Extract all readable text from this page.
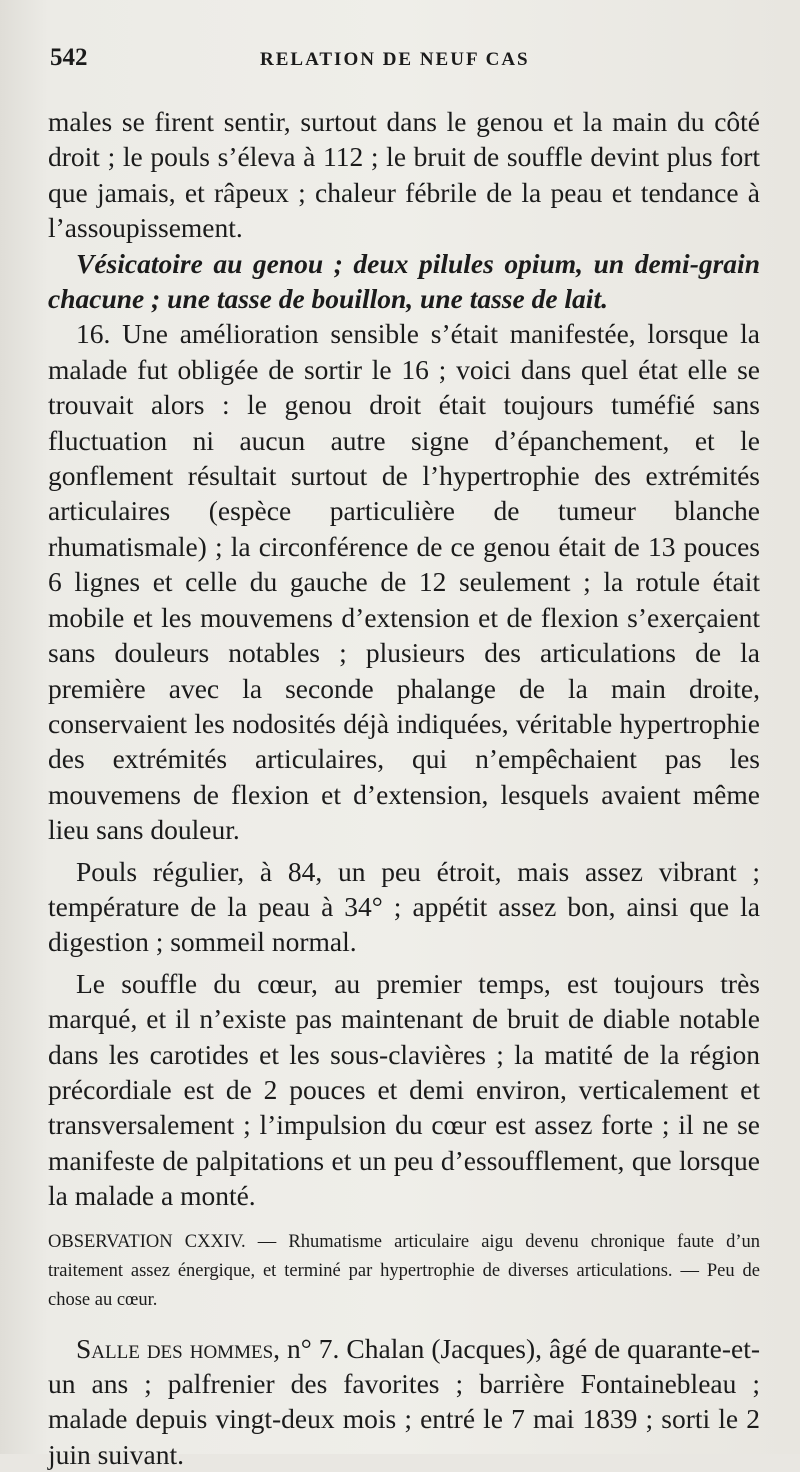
542	RELATION DE NEUF CAS

males se firent sentir, surtout dans le genou et la main du côté droit ; le pouls s’éleva à 112 ; le bruit de souffle devint plus fort que jamais, et râpeux ; chaleur fébrile de la peau et tendance à l’assoupissement.

Vésicatoire au genou ; deux pilules opium, un demi-grain chacune ; une tasse de bouillon, une tasse de lait.

16. Une amélioration sensible s’était manifestée, lorsque la malade fut obligée de sortir le 16 ; voici dans quel état elle se trouvait alors : le genou droit était toujours tuméfié sans fluctuation ni aucun autre signe d’épanchement, et le gonflement résultait surtout de l’hypertrophie des extrémités articulaires (espèce particulière de tumeur blanche rhumatismale) ; la circonférence de ce genou était de 13 pouces 6 lignes et celle du gauche de 12 seulement ; la rotule était mobile et les mouvemens d’extension et de flexion s’exerçaient sans douleurs notables ; plusieurs des articulations de la première avec la seconde phalange de la main droite, conservaient les nodosités déjà indiquées, véritable hypertrophie des extrémités articulaires, qui n’empêchaient pas les mouvemens de flexion et d’extension, lesquels avaient même lieu sans douleur.

Pouls régulier, à 84, un peu étroit, mais assez vibrant ; température de la peau à 34° ; appétit assez bon, ainsi que la digestion ; sommeil normal.

Le souffle du cœur, au premier temps, est toujours très marqué, et il n’existe pas maintenant de bruit de diable notable dans les carotides et les sous-clavières ; la matité de la région précordiale est de 2 pouces et demi environ, verticalement et transversalement ; l’impulsion du cœur est assez forte ; il ne se manifeste de palpitations et un peu d’essoufflement, que lorsque la malade a monté.

OBSERVATION CXXIV. — Rhumatisme articulaire aigu devenu chronique faute d’un traitement assez énergique, et terminé par hypertrophie de diverses articulations. — Peu de chose au cœur.

Salle des hommes, n° 7. Chalan (Jacques), âgé de quarante-et-un ans ; palfrenier des favorites ; barrière Fontainebleau ; malade depuis vingt-deux mois ; entré le 7 mai 1839 ; sorti le 2 juin suivant.
